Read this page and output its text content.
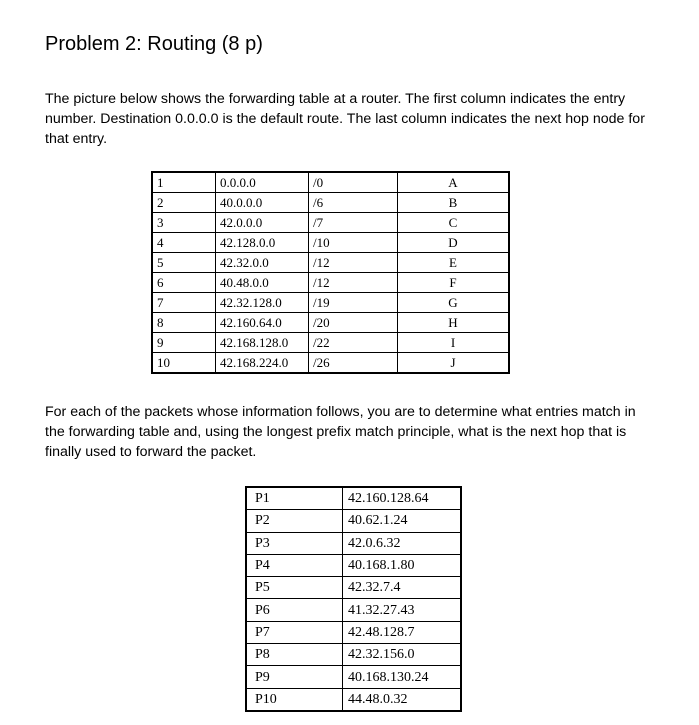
Problem 2: Routing (8 p)

The picture below shows the forwarding table at a router. The first column indicates the entry number. Destination 0.0.0.0 is the default route. The last column indicates the next hop node for that entry.

1	0.0.0.0	/0	A
2	40.0.0.0	/6	B
3	42.0.0.0	/7	C
4	42.128.0.0	/10	D
5	42.32.0.0	/12	E
6	40.48.0.0	/12	F
7	42.32.128.0	/19	G
8	42.160.64.0	/20	H
9	42.168.128.0	/22	I
10	42.168.224.0	/26	J

For each of the packets whose information follows, you are to determine what entries match in the forwarding table and, using the longest prefix match principle, what is the next hop that is finally used to forward the packet.

P1	42.160.128.64
P2	40.62.1.24
P3	42.0.6.32
P4	40.168.1.80
P5	42.32.7.4
P6	41.32.27.43
P7	42.48.128.7
P8	42.32.156.0
P9	40.168.130.24
P10	44.48.0.32
